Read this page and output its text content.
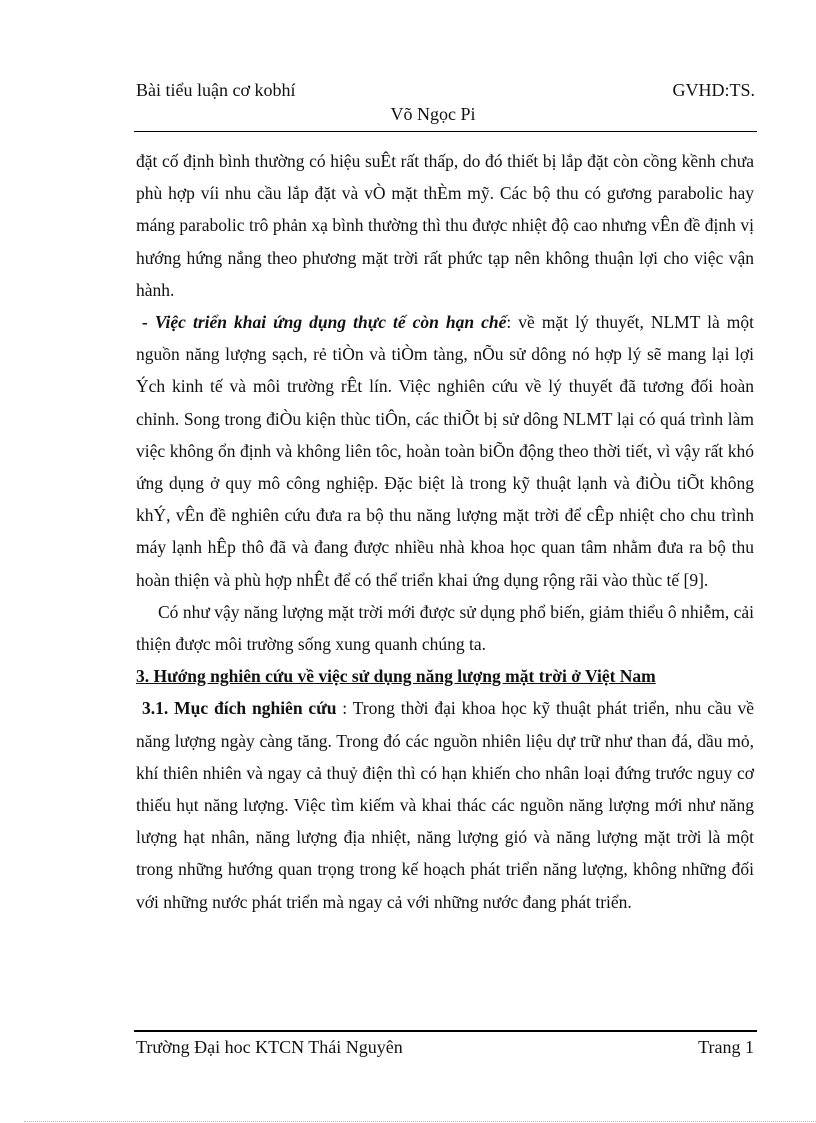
Bài tiểu luận cơ kobhí	GVHD:TS.
Võ Ngọc Pi

đặt cố định bình thường có hiệu suÊt rất thấp, do đó thiết bị lắp đặt còn cồng kềnh chưa phù hợp víi nhu cầu lắp đặt và vÒ mặt thÈm mỹ. Các bộ thu có gương parabolic hay máng parabolic trô phản xạ bình thường thì thu được nhiệt độ cao nhưng vÊn đề định vị hướng hứng nắng theo phương mặt trời rất phức tạp nên không thuận lợi cho việc vận hành.

- Việc triển khai ứng dụng thực tế còn hạn chế: về mặt lý thuyết, NLMT là một nguồn năng lượng sạch, rẻ tiÒn và tiÒm tàng, nÕu sử dông nó hợp lý sẽ mang lại lợi Ých kinh tế và môi trường rÊt lín. Việc nghiên cứu về lý thuyết đã tương đối hoàn chỉnh. Song trong điÒu kiện thùc tiÔn, các thiÕt bị sử dông NLMT lại có quá trình làm việc không ổn định và không liên tôc, hoàn toàn biÕn động theo thời tiết, vì vậy rất khó ứng dụng ở quy mô công nghiệp. Đặc biệt là trong kỹ thuật lạnh và điÒu tiÕt không khÝ, vÊn đề nghiên cứu đưa ra bộ thu năng lượng mặt trời để cÊp nhiệt cho chu trình máy lạnh hÊp thô đã và đang được nhiều nhà khoa học quan tâm nhằm đưa ra bộ thu hoàn thiện và phù hợp nhÊt để có thể triển khai ứng dụng rộng rãi vào thùc tế [9].

Có như vậy năng lượng mặt trời mới được sử dụng phổ biến, giảm thiểu ô nhiễm, cải thiện được môi trường sống xung quanh chúng ta.

3. Hướng nghiên cứu về việc sử dụng năng lượng mặt trời ở Việt Nam

3.1. Mục đích nghiên cứu : Trong thời đại khoa học kỹ thuật phát triển, nhu cầu về năng lượng ngày càng tăng. Trong đó các nguồn nhiên liệu dự trữ như than đá, dầu mỏ, khí thiên nhiên và ngay cả thuỷ điện thì có hạn khiến cho nhân loại đứng trước nguy cơ thiếu hụt năng lượng. Việc tìm kiếm và khai thác các nguồn năng lượng mới như năng lượng hạt nhân, năng lượng địa nhiệt, năng lượng gió và năng lượng mặt trời là một trong những hướng quan trọng trong kế hoạch phát triển năng lượng, không những đối với những nước phát triển mà ngay cả với những nước đang phát triển.

Trường Đại hoc KTCN Thái Nguyên	Trang 1
